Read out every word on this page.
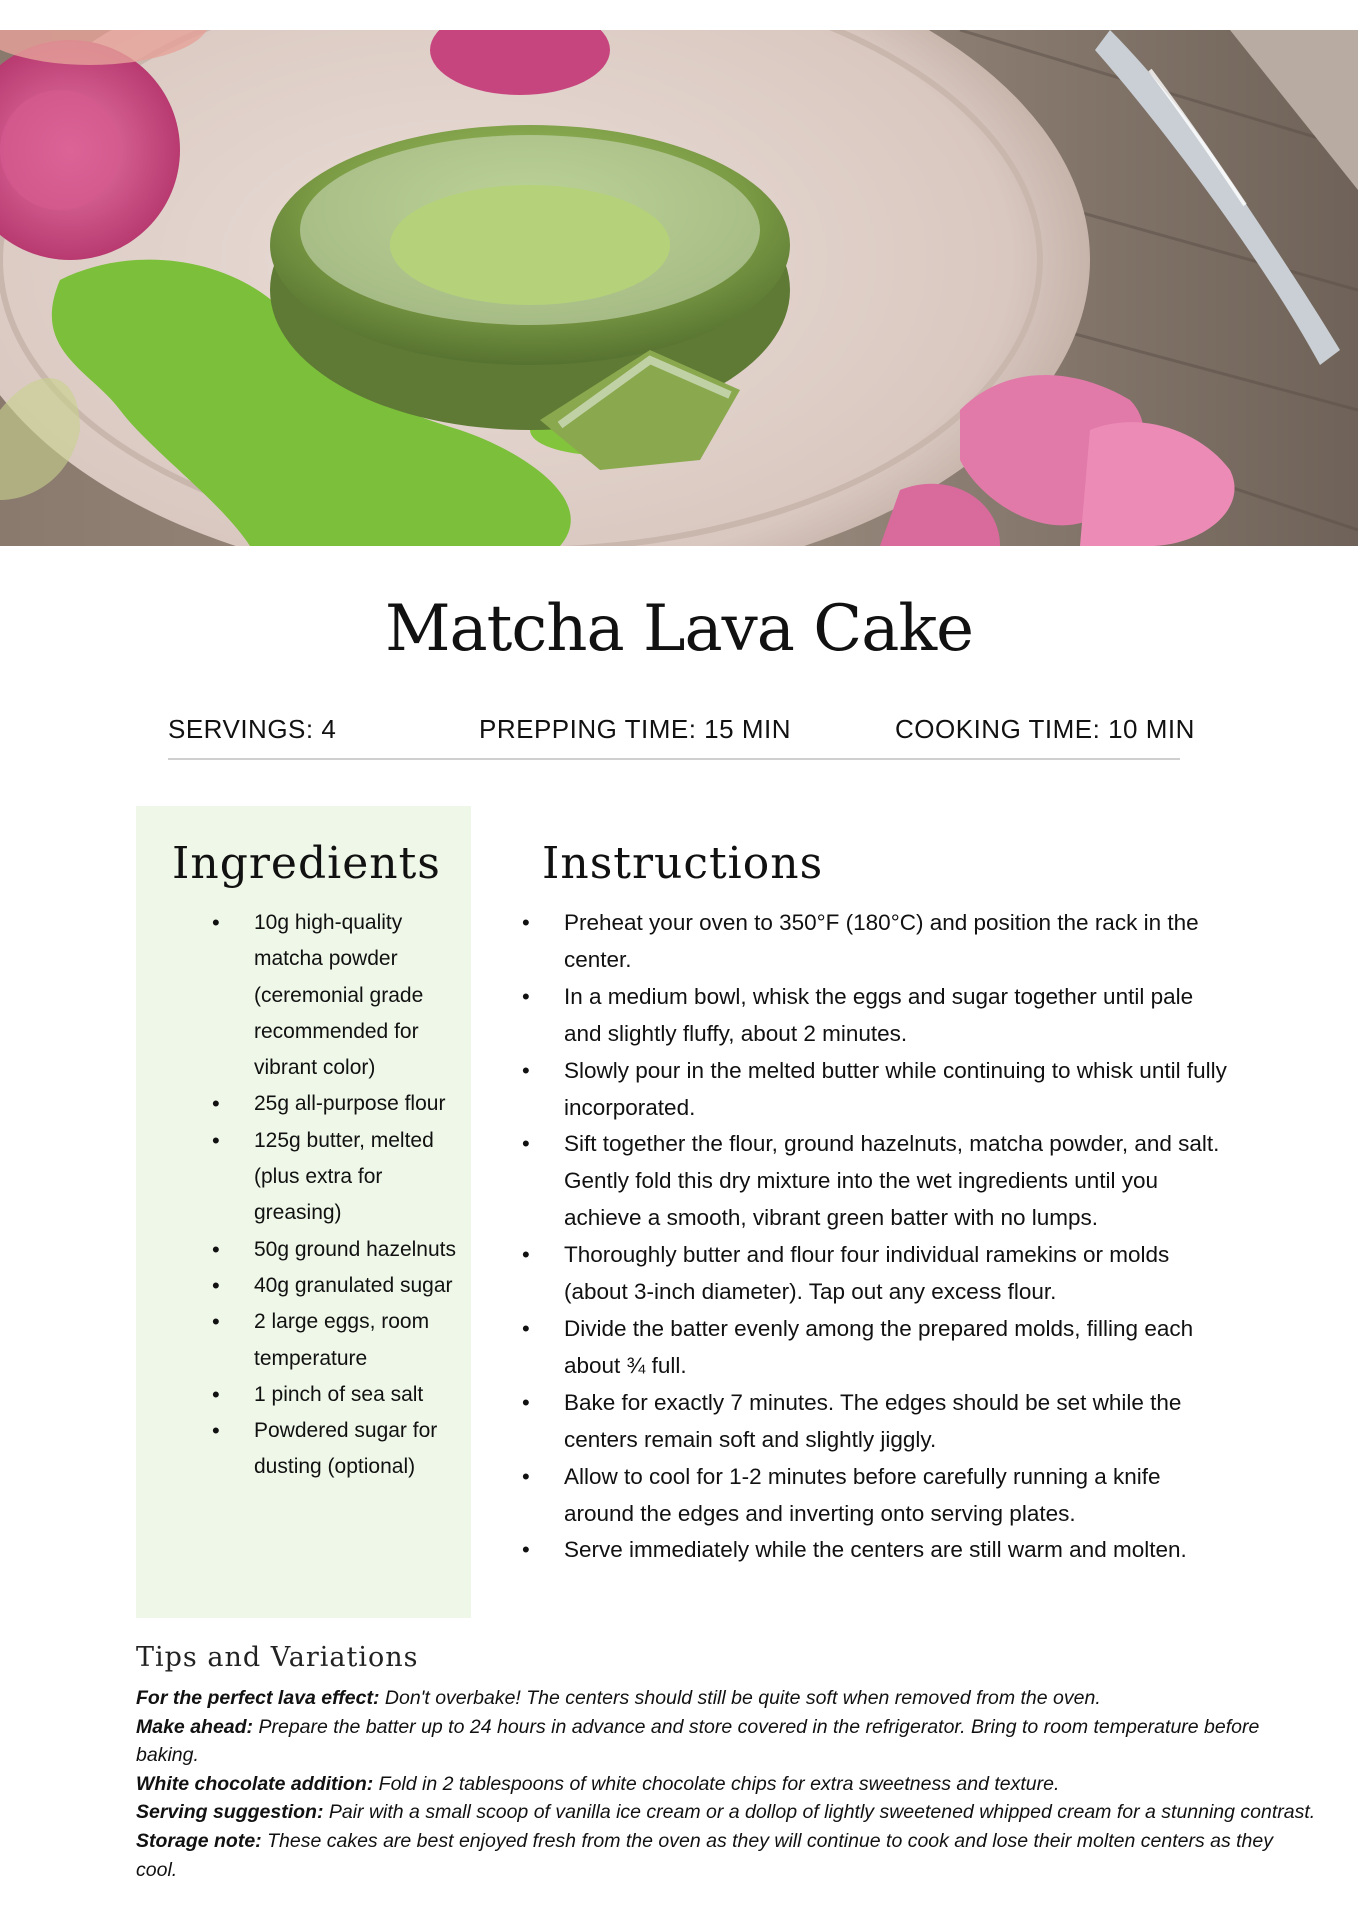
Matcha Lava Cake
SERVINGS: 4	PREPPING TIME: 15 MIN	COOKING TIME: 10 MIN
Ingredients
• 10g high-quality matcha powder (ceremonial grade recommended for vibrant color)
• 25g all-purpose flour
• 125g butter, melted (plus extra for greasing)
• 50g ground hazelnuts
• 40g granulated sugar
• 2 large eggs, room temperature
• 1 pinch of sea salt
• Powdered sugar for dusting (optional)
Instructions
• Preheat your oven to 350°F (180°C) and position the rack in the center.
• In a medium bowl, whisk the eggs and sugar together until pale and slightly fluffy, about 2 minutes.
• Slowly pour in the melted butter while continuing to whisk until fully incorporated.
• Sift together the flour, ground hazelnuts, matcha powder, and salt. Gently fold this dry mixture into the wet ingredients until you achieve a smooth, vibrant green batter with no lumps.
• Thoroughly butter and flour four individual ramekins or molds (about 3-inch diameter). Tap out any excess flour.
• Divide the batter evenly among the prepared molds, filling each about ¾ full.
• Bake for exactly 7 minutes. The edges should be set while the centers remain soft and slightly jiggly.
• Allow to cool for 1-2 minutes before carefully running a knife around the edges and inverting onto serving plates.
• Serve immediately while the centers are still warm and molten.
Tips and Variations

For the perfect lava effect: Don't overbake! The centers should still be quite soft when removed from the oven.

Make ahead: Prepare the batter up to 24 hours in advance and store covered in the refrigerator. Bring to room temperature before baking.

White chocolate addition: Fold in 2 tablespoons of white chocolate chips for extra sweetness and texture.

Serving suggestion: Pair with a small scoop of vanilla ice cream or a dollop of lightly sweetened whipped cream for a stunning contrast.

Storage note: These cakes are best enjoyed fresh from the oven as they will continue to cook and lose their molten centers as they cool.
